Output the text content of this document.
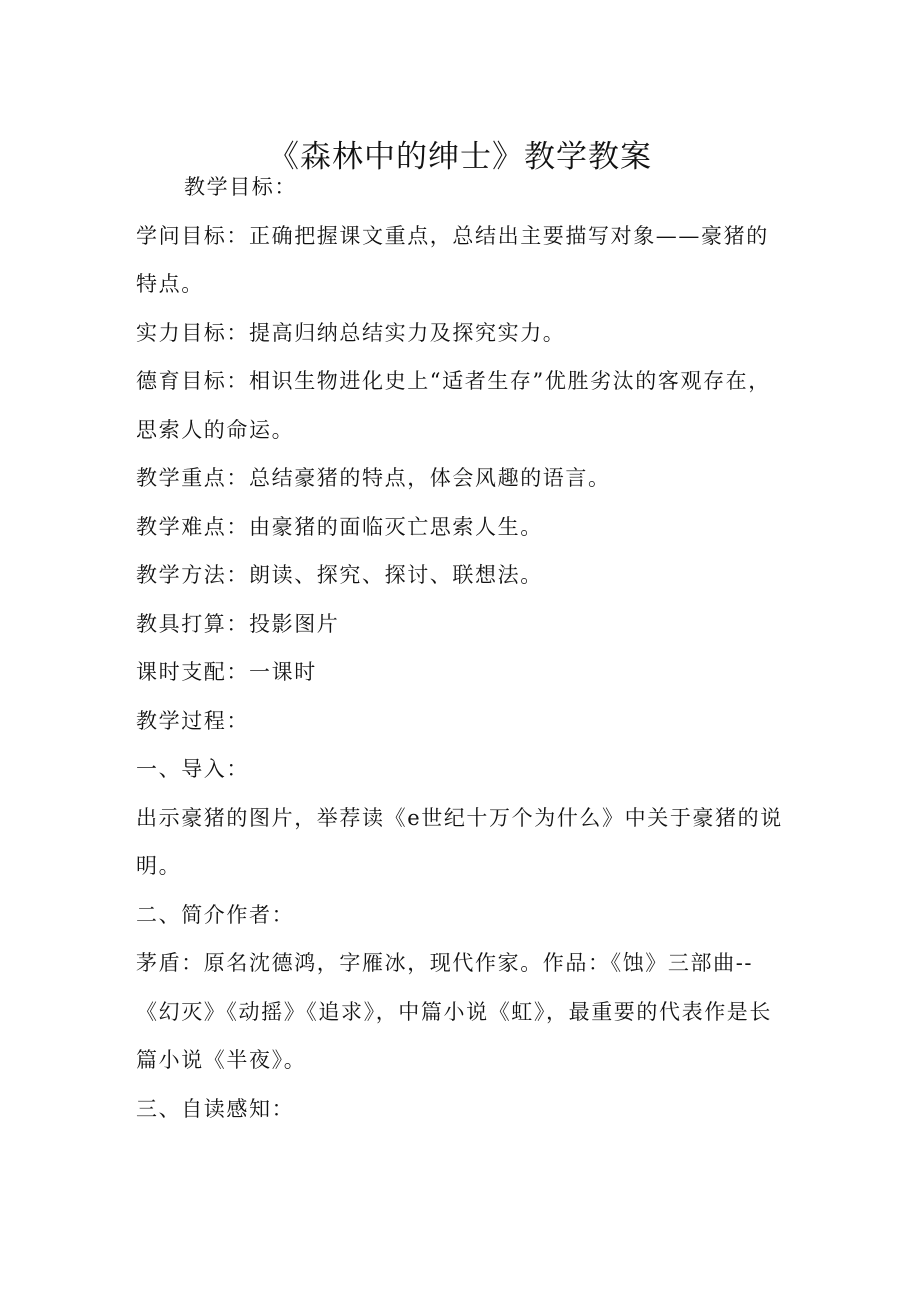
《森林中的绅士》教学教案

教学目标：

学问目标：正确把握课文重点，总结出主要描写对象——豪猪的特点。

实力目标：提高归纳总结实力及探究实力。

德育目标：相识生物进化史上“适者生存”优胜劣汰的客观存在，思索人的命运。

教学重点：总结豪猪的特点，体会风趣的语言。

教学难点：由豪猪的面临灭亡思索人生。

教学方法：朗读、探究、探讨、联想法。

教具打算：投影图片

课时支配：一课时

教学过程：

一、导入：

出示豪猪的图片，举荐读《e世纪十万个为什么》中关于豪猪的说明。

二、简介作者：

茅盾：原名沈德鸿，字雁冰，现代作家。作品：《蚀》三部曲--《幻灭》《动摇》《追求》，中篇小说《虹》，最重要的代表作是长篇小说《半夜》。

三、自读感知：
